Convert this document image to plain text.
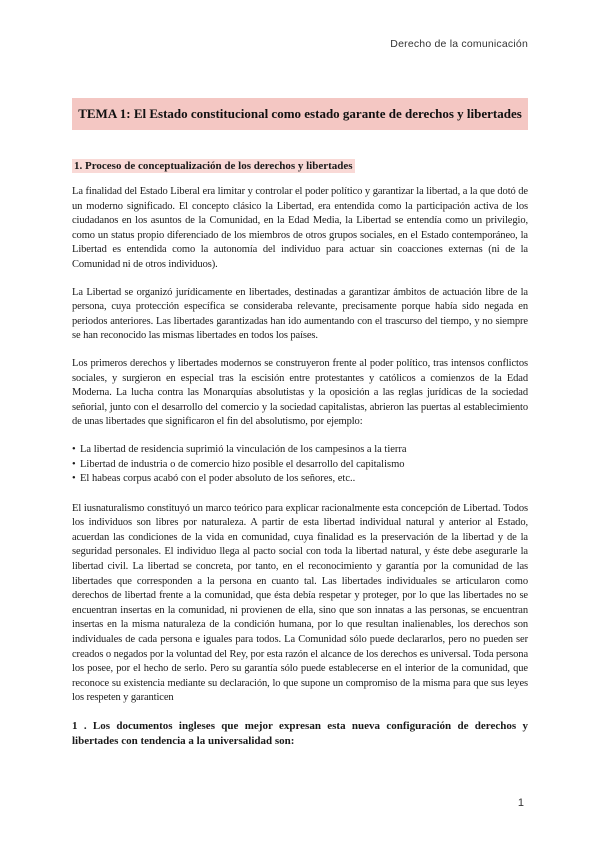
Derecho de la comunicación
TEMA 1: El Estado constitucional como estado garante de derechos y libertades
1. Proceso de conceptualización de los derechos y libertades

La finalidad del Estado Liberal era limitar y controlar el poder político y garantizar la libertad, a la que dotó de un moderno significado. El concepto clásico la Libertad, era entendida como la participación activa de los ciudadanos en los asuntos de la Comunidad, en la Edad Media, la Libertad se entendía como un privilegio, como un status propio diferenciado de los miembros de otros grupos sociales, en el Estado contemporáneo, la Libertad es entendida como la autonomía del individuo para actuar sin coacciones externas (ni de la Comunidad ni de otros individuos).

La Libertad se organizó jurídicamente en libertades, destinadas a garantizar ámbitos de actuación libre de la persona, cuya protección específica se consideraba relevante, precisamente porque había sido negada en periodos anteriores. Las libertades garantizadas han ido aumentando con el trascurso del tiempo, y no siempre se han reconocido las mismas libertades en todos los países.

Los primeros derechos y libertades modernos se construyeron frente al poder político, tras intensos conflictos sociales, y surgieron en especial tras la escisión entre protestantes y católicos a comienzos de la Edad Moderna. La lucha contra las Monarquías absolutistas y la oposición a las reglas jurídicas de la sociedad señorial, junto con el desarrollo del comercio y la sociedad capitalistas, abrieron las puertas al establecimiento de unas libertades que significaron el fin del absolutismo, por ejemplo:

• La libertad de residencia suprimió la vinculación de los campesinos a la tierra
• Libertad de industria o de comercio hizo posible el desarrollo del capitalismo
• El habeas corpus acabó con el poder absoluto de los señores, etc..

El iusnaturalismo constituyó un marco teórico para explicar racionalmente esta concepción de Libertad. Todos los individuos son libres por naturaleza. A partir de esta libertad individual natural y anterior al Estado, acuerdan las condiciones de la vida en comunidad, cuya finalidad es la preservación de la libertad y de la seguridad personales. El individuo llega al pacto social con toda la libertad natural, y éste debe asegurarle la libertad civil. La libertad se concreta, por tanto, en el reconocimiento y garantía por la comunidad de las libertades que corresponden a la persona en cuanto tal. Las libertades individuales se articularon como derechos de libertad frente a la comunidad, que ésta debía respetar y proteger, por lo que las libertades no se encuentran insertas en la comunidad, ni provienen de ella, sino que son innatas a las personas, se encuentran insertas en la misma naturaleza de la condición humana, por lo que resultan inalienables, los derechos son individuales de cada persona e iguales para todos. La Comunidad sólo puede declararlos, pero no pueden ser creados o negados por la voluntad del Rey, por esta razón el alcance de los derechos es universal. Toda persona los posee, por el hecho de serlo. Pero su garantía sólo puede establecerse en el interior de la comunidad, que reconoce su existencia mediante su declaración, lo que supone un compromiso de la misma para que sus leyes los respeten y garanticen

1 . Los documentos ingleses que mejor expresan esta nueva configuración de derechos y libertades con tendencia a la universalidad son:
1
